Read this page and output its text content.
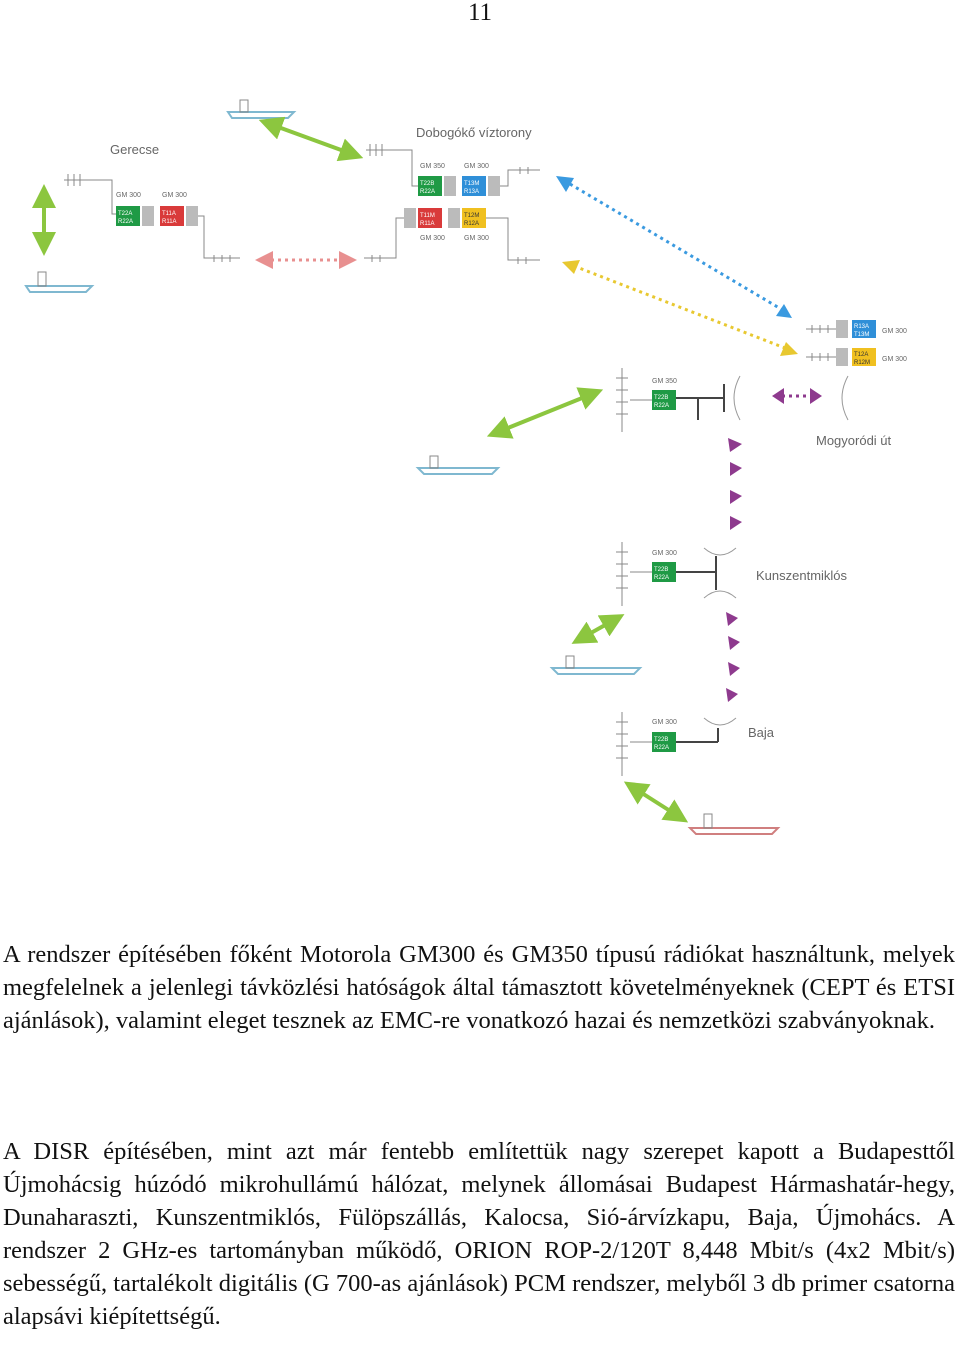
11
Gerecse
Dobogókő víztorony
Mogyoródi út
Kunszentmiklós
Baja
GM 300
T22A
R22A
GM 300
T11A
R11A
GM 350
T22B
R22A
GM 300
T13M
R13A
T11M
R11A
GM 300
T12M
R12A
GM 300
R13A
T13M GM 300
T12A
R12M GM 300
GM 350
T22B
R22A
GM 300
T22B
R22A
GM 300
T22B
R22A

A rendszer építésében főként Motorola GM300 és GM350 típusú rádiókat használtunk, melyek megfelelnek a jelenlegi távközlési hatóságok által támasztott követelményeknek (CEPT és ETSI ajánlások), valamint eleget tesznek az EMC-re vonatkozó hazai és nemzetközi szabványoknak.

A DISR építésében, mint azt már fentebb említettük nagy szerepet kapott a Budapesttől Újmohácsig húzódó mikrohullámú hálózat, melynek állomásai Budapest Hármashatár-hegy, Dunaharaszti, Kunszentmiklós, Fülöpszállás, Kalocsa, Sió-árvízkapu, Baja, Újmohács. A rendszer 2 GHz-es tartományban működő, ORION ROP-2/120T 8,448 Mbit/s (4x2 Mbit/s) sebességű, tartalékolt digitális (G 700-as ajánlások) PCM rendszer, melyből 3 db primer csatorna alapsávi kiépítettségű.
